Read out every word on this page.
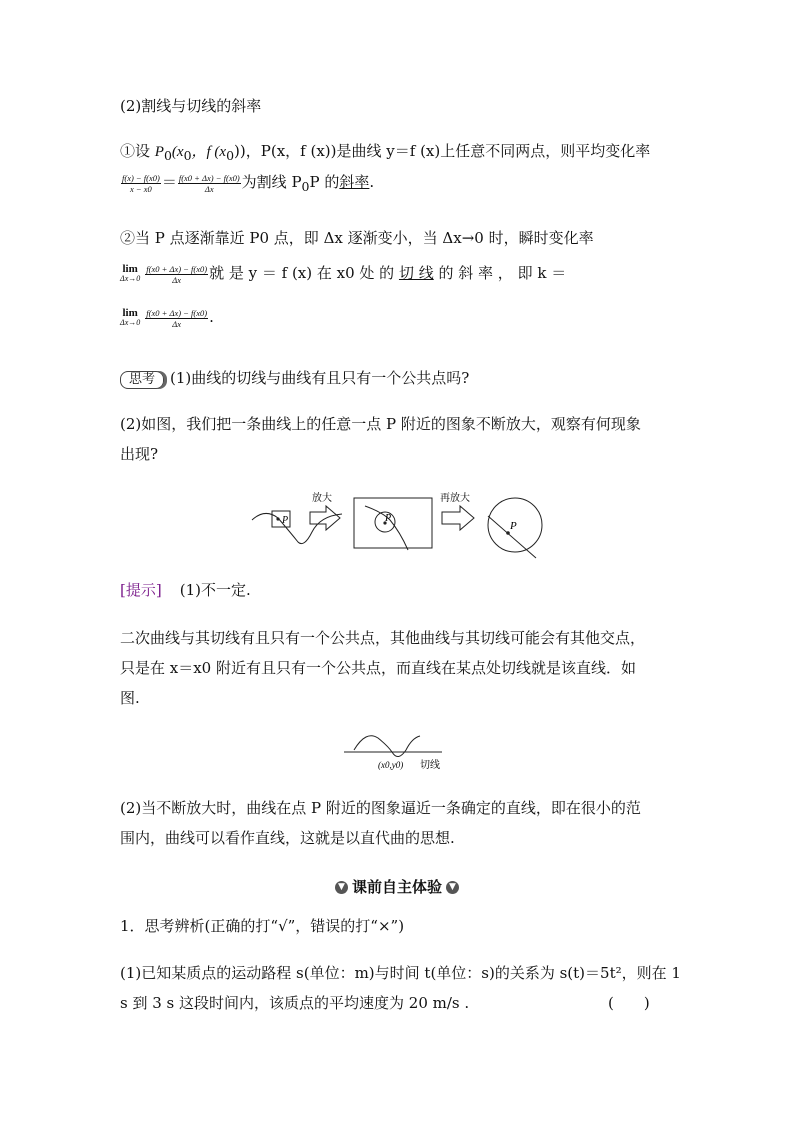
(2)割线与切线的斜率
①设 $P_0(x_0$，f $(x_0)$)，P(x，f (x))是曲线 y＝f (x)上任意不同两点，则平均变化率
$\frac{f(x) - f(x0)}{x - x0} = \frac{f(x0 + \Delta x) - f(x0)}{\Delta x}$ 为割线 $P_0P$ 的斜率.
②当 P 点逐渐靠近 P0 点，即 Δx 逐渐变小，当 Δx→0 时，瞬时变化率
lim
$\Delta x\to 0 \frac{f(x0 + \Delta x) - f(x0)}{\Delta x}$ 就 是 y ＝ f (x) 在 x0 处 的 切 线 的 斜 率 ， 即 k ＝
lim
$\Delta x\to 0 \frac{f(x0 + \Delta x) - f(x0)}{\Delta x}$ .
思考 (1)曲线的切线与曲线有且只有一个公共点吗?
(2)如图，我们把一条曲线上的任意一点 P 附近的图象不断放大，观察有何现象
出现?
P
放大
P
再放大
P
[提示] (1)不一定.
二次曲线与其切线有且只有一个公共点，其他曲线与其切线可能会有其他交点，
只是在 x＝x0 附近有且只有一个公共点，而直线在某点处切线就是该直线．如
图.
(x0,y0) 切线
(2)当不断放大时，曲线在点 P 附近的图象逼近一条确定的直线，即在很小的范
围内，曲线可以看作直线，这就是以直代曲的思想.
▼ 课前自主体验 ▼
1．思考辨析(正确的打“√”，错误的打“×”)
(1)已知某质点的运动路程 s(单位：m)与时间 t(单位：s)的关系为 s(t)＝5t²，则在 1
s 到 3 s 这段时间内，该质点的平均速度为 20 m/s .	(　　)
